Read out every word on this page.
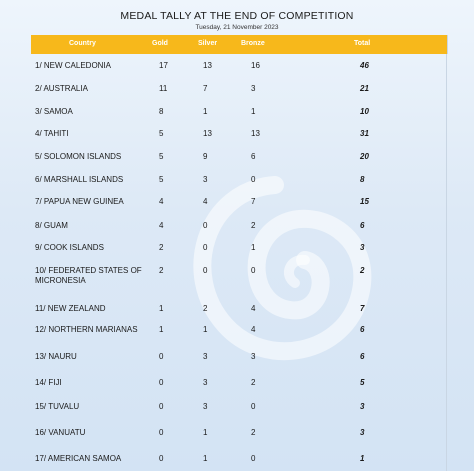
MEDAL TALLY AT THE END OF COMPETITION
Tuesday, 21 November 2023
Country	Gold	Silver	Bronze	Total
1/ NEW CALEDONIA	17	13	16	46
2/ AUSTRALIA	11	7	3	21
3/ SAMOA	8	1	1	10
4/ TAHITI	5	13	13	31
5/ SOLOMON ISLANDS	5	9	6	20
6/ MARSHALL ISLANDS	5	3	0	8
7/ PAPUA NEW GUINEA	4	4	7	15
8/ GUAM	4	0	2	6
9/ COOK ISLANDS	2	0	1	3
10/ FEDERATED STATES OF MICRONESIA
2	0	0	2
11/ NEW ZEALAND	1	2	4	7
12/ NORTHERN MARIANAS	1	1	4	6
13/ NAURU	0	3	3	6
14/ FIJI	0	3	2	5
15/ TUVALU	0	3	0	3
16/ VANUATU	0	1	2	3
17/ AMERICAN SAMOA	0	1	0	1
